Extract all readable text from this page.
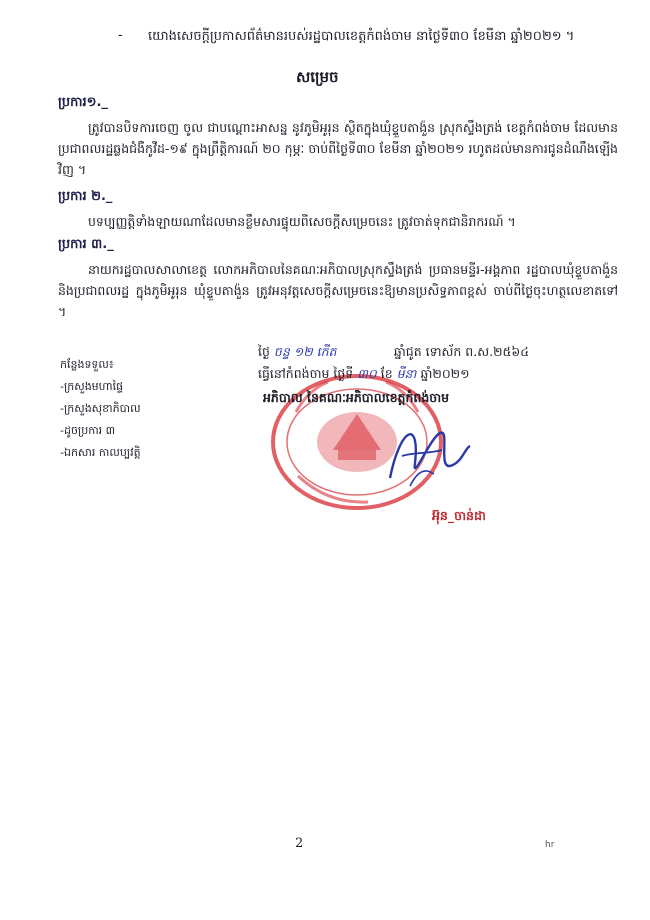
- យោងសេចក្តីប្រកាសព័ត៌មានរបស់រដ្ឋបាលខេត្តកំពង់ចាម នាថ្ងៃទី៣០ ខែមីនា ឆ្នាំ២០២១ ។
សម្រេច
ប្រការ១._
ត្រូវបានបិទការចេញ ចូល ជាបណ្តោះអាសន្ន នូវភូមិអូរុន ស្ថិតក្នុងឃុំខ្ទួបតាង៉ួន ស្រុកស្ទឹងត្រង់ ខេត្តកំពង់ចាម ដែលមានប្រជាពលរដ្ឋឆ្លងជំងឺកូវីដ-១៩ ក្នុងព្រឹត្តិការណ៍ ២០ កុម្ភៈ ចាប់ពីថ្ងៃទី៣០ ខែមីនា ឆ្នាំ២០២១ រហូតដល់មានការជូនដំណឹងឡើងវិញ ។
ប្រការ ២._
បទប្បញ្ញត្តិទាំងឡាយណាដែលមានខ្លឹមសារផ្ទុយពីសេចក្តីសម្រេចនេះ ត្រូវចាត់ទុកជានិរាករណ៍ ។
ប្រការ ៣._
នាយករដ្ឋបាលសាលាខេត្ត លោកអភិបាលនៃគណៈអភិបាលស្រុកស្ទឹងត្រង់ ប្រធានមន្ទីរ-អង្គភាព រដ្ឋបាលឃុំខ្ទួបតាង៉ួន និងប្រជាពលរដ្ឋ ក្នុងភូមិអូរុន ឃុំខ្ទួបតាង៉ួន ត្រូវអនុវត្តសេចក្តីសម្រេចនេះឱ្យមានប្រសិទ្ធភាពខ្ពស់ ចាប់ពីថ្ងៃចុះហត្ថលេខាតទៅ ។
កន្លែងទទួល៖
-ក្រសួងមហាផ្ទៃ
-ក្រសួងសុខាភិបាល
-ដូចប្រការ ៣
-ឯកសារ កាលប្បវត្តិ
ថ្ងៃ ចន្ទ ១២ កើត	ឆ្នាំជូត ទោស័ក ព.ស.២៥៦៤
ធ្វើនៅកំពង់ចាម ថ្ងៃទី ៣០ ខែ មីនា ឆ្នាំ២០២១
អភិបាល នៃគណៈអភិបាលខេត្តកំពង់ចាម
អ៊ុន_ចាន់ដា
2	hr
